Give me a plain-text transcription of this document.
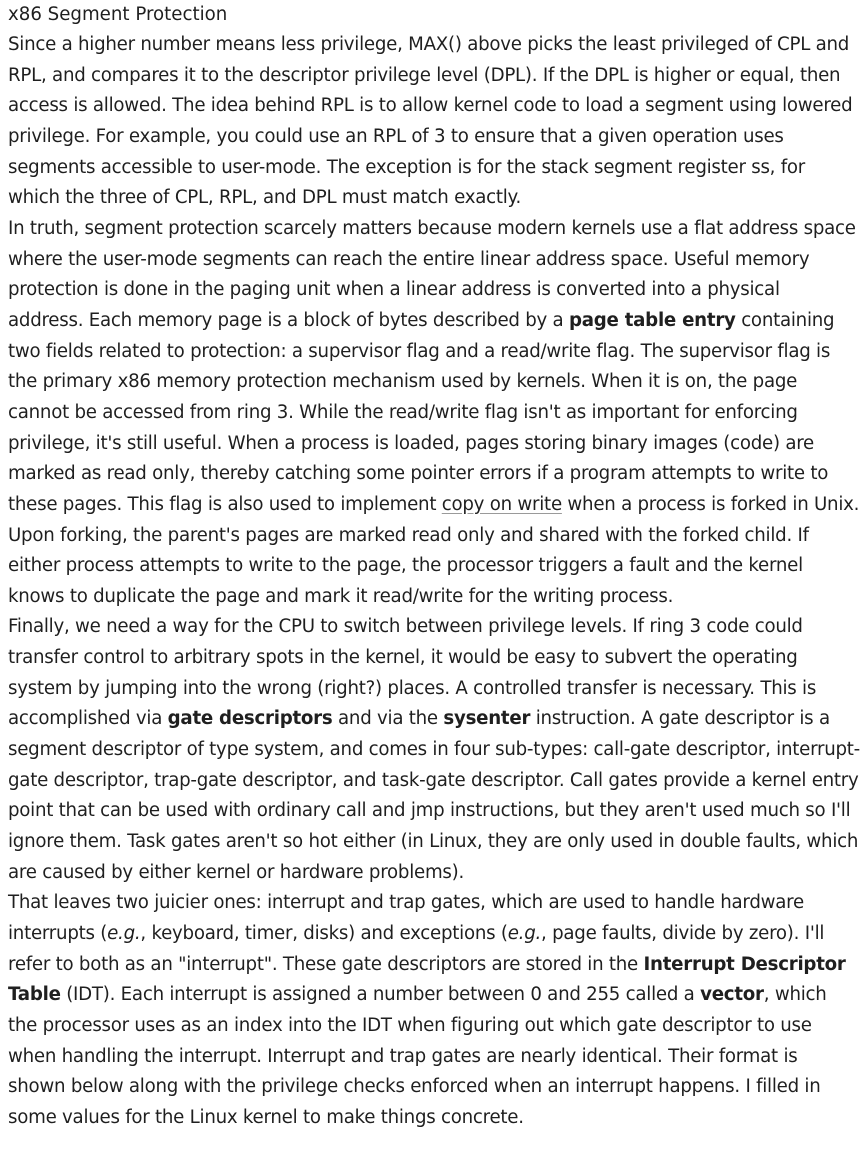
x86 Segment Protection

Since a higher number means less privilege, MAX() above picks the least privileged of CPL and RPL, and compares it to the descriptor privilege level (DPL). If the DPL is higher or equal, then access is allowed. The idea behind RPL is to allow kernel code to load a segment using lowered privilege. For example, you could use an RPL of 3 to ensure that a given operation uses segments accessible to user-mode. The exception is for the stack segment register ss, for which the three of CPL, RPL, and DPL must match exactly.

In truth, segment protection scarcely matters because modern kernels use a flat address space where the user-mode segments can reach the entire linear address space. Useful memory protection is done in the paging unit when a linear address is converted into a physical address. Each memory page is a block of bytes described by a page table entry containing two fields related to protection: a supervisor flag and a read/write flag. The supervisor flag is the primary x86 memory protection mechanism used by kernels. When it is on, the page cannot be accessed from ring 3. While the read/write flag isn't as important for enforcing privilege, it's still useful. When a process is loaded, pages storing binary images (code) are marked as read only, thereby catching some pointer errors if a program attempts to write to these pages. This flag is also used to implement copy on write when a process is forked in Unix. Upon forking, the parent's pages are marked read only and shared with the forked child. If either process attempts to write to the page, the processor triggers a fault and the kernel knows to duplicate the page and mark it read/write for the writing process.

Finally, we need a way for the CPU to switch between privilege levels. If ring 3 code could transfer control to arbitrary spots in the kernel, it would be easy to subvert the operating system by jumping into the wrong (right?) places. A controlled transfer is necessary. This is accomplished via gate descriptors and via the sysenter instruction. A gate descriptor is a segment descriptor of type system, and comes in four sub-types: call-gate descriptor, interrupt-gate descriptor, trap-gate descriptor, and task-gate descriptor. Call gates provide a kernel entry point that can be used with ordinary call and jmp instructions, but they aren't used much so I'll ignore them. Task gates aren't so hot either (in Linux, they are only used in double faults, which are caused by either kernel or hardware problems).

That leaves two juicier ones: interrupt and trap gates, which are used to handle hardware interrupts (e.g., keyboard, timer, disks) and exceptions (e.g., page faults, divide by zero). I'll refer to both as an "interrupt". These gate descriptors are stored in the Interrupt Descriptor Table (IDT). Each interrupt is assigned a number between 0 and 255 called a vector, which the processor uses as an index into the IDT when figuring out which gate descriptor to use when handling the interrupt. Interrupt and trap gates are nearly identical. Their format is shown below along with the privilege checks enforced when an interrupt happens. I filled in some values for the Linux kernel to make things concrete.
